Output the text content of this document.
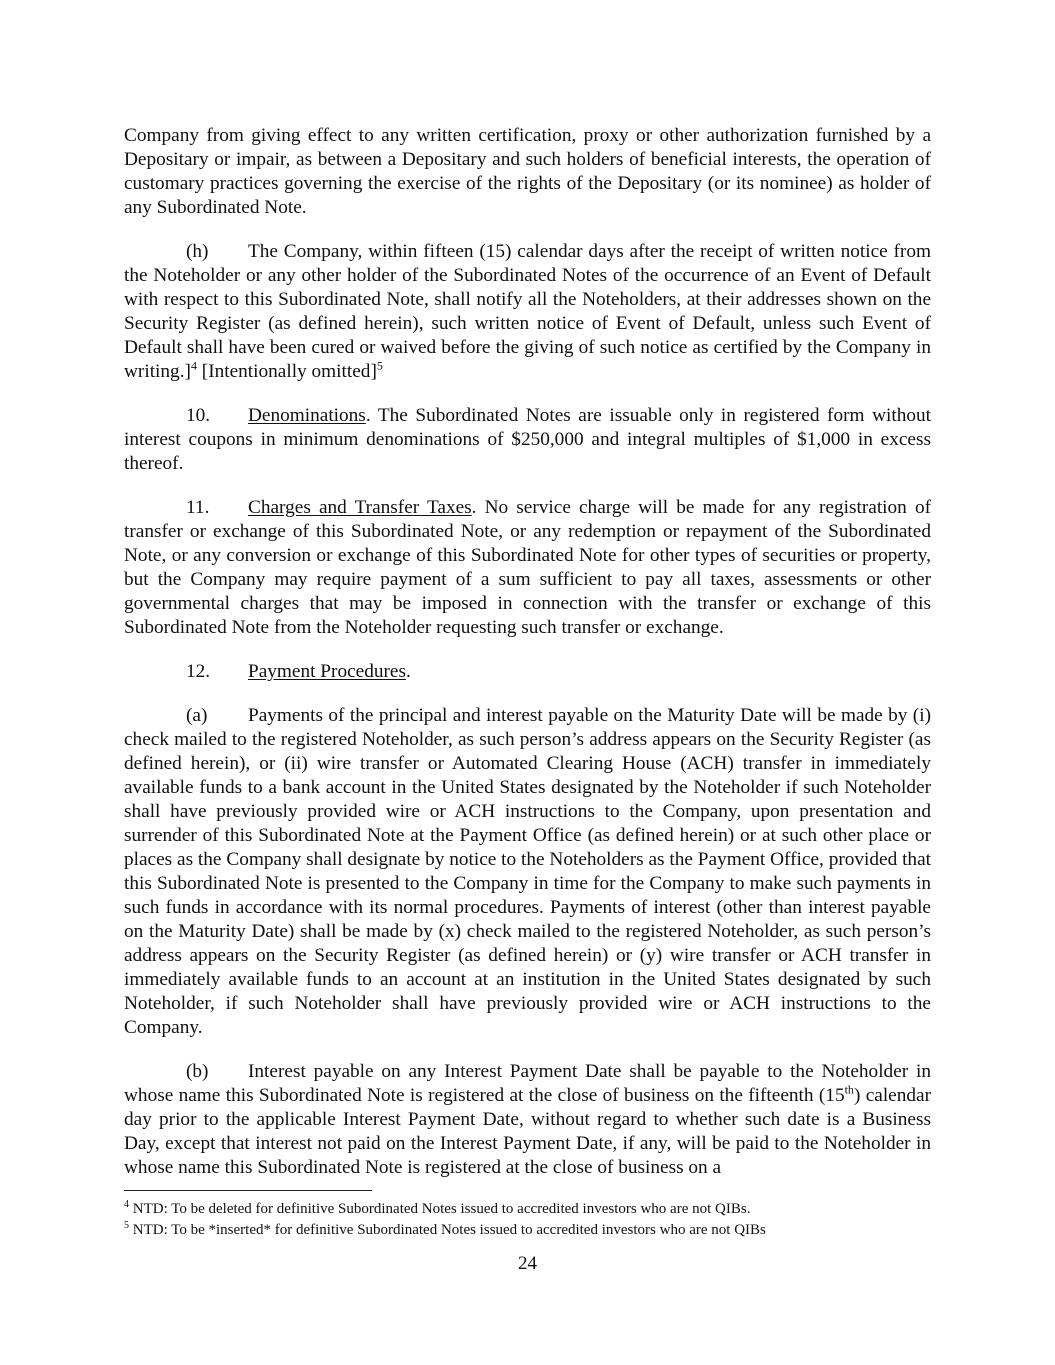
Company from giving effect to any written certification, proxy or other authorization furnished by a Depositary or impair, as between a Depositary and such holders of beneficial interests, the operation of customary practices governing the exercise of the rights of the Depositary (or its nominee) as holder of any Subordinated Note.

(h) The Company, within fifteen (15) calendar days after the receipt of written notice from the Noteholder or any other holder of the Subordinated Notes of the occurrence of an Event of Default with respect to this Subordinated Note, shall notify all the Noteholders, at their addresses shown on the Security Register (as defined herein), such written notice of Event of Default, unless such Event of Default shall have been cured or waived before the giving of such notice as certified by the Company in writing.]$^4$ [Intentionally omitted]$^5$

10. Denominations. The Subordinated Notes are issuable only in registered form without interest coupons in minimum denominations of $250,000 and integral multiples of $1,000 in excess thereof.

11. Charges and Transfer Taxes. No service charge will be made for any registration of transfer or exchange of this Subordinated Note, or any redemption or repayment of the Subordinated Note, or any conversion or exchange of this Subordinated Note for other types of securities or property, but the Company may require payment of a sum sufficient to pay all taxes, assessments or other governmental charges that may be imposed in connection with the transfer or exchange of this Subordinated Note from the Noteholder requesting such transfer or exchange.

12. Payment Procedures.

(a) Payments of the principal and interest payable on the Maturity Date will be made by (i) check mailed to the registered Noteholder, as such person’s address appears on the Security Register (as defined herein), or (ii) wire transfer or Automated Clearing House (ACH) transfer in immediately available funds to a bank account in the United States designated by the Noteholder if such Noteholder shall have previously provided wire or ACH instructions to the Company, upon presentation and surrender of this Subordinated Note at the Payment Office (as defined herein) or at such other place or places as the Company shall designate by notice to the Noteholders as the Payment Office, provided that this Subordinated Note is presented to the Company in time for the Company to make such payments in such funds in accordance with its normal procedures. Payments of interest (other than interest payable on the Maturity Date) shall be made by (x) check mailed to the registered Noteholder, as such person’s address appears on the Security Register (as defined herein) or (y) wire transfer or ACH transfer in immediately available funds to an account at an institution in the United States designated by such Noteholder, if such Noteholder shall have previously provided wire or ACH instructions to the Company.

(b) Interest payable on any Interest Payment Date shall be payable to the Noteholder in whose name this Subordinated Note is registered at the close of business on the fifteenth (15th) calendar day prior to the applicable Interest Payment Date, without regard to whether such date is a Business Day, except that interest not paid on the Interest Payment Date, if any, will be paid to the Noteholder in whose name this Subordinated Note is registered at the close of business on a

$^4$ NTD: To be deleted for definitive Subordinated Notes issued to accredited investors who are not QIBs.

$^5$ NTD: To be *inserted* for definitive Subordinated Notes issued to accredited investors who are not QIBs

24
